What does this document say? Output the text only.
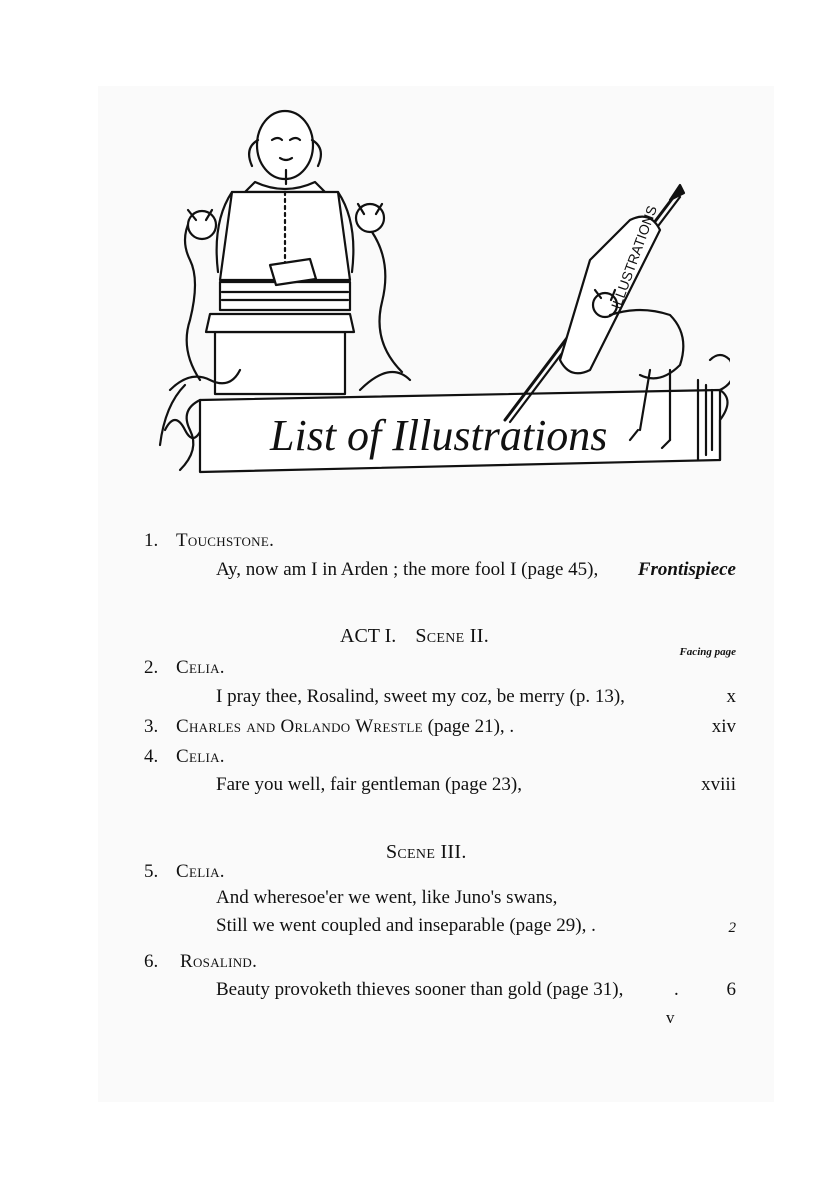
ILLUSTRATIONS
List of Illustrations
1. Touchstone.
Ay, now am I in Arden ; the more fool I (page 45), Frontispiece
ACT I. Scene II.
Facing page
2. Celia.
I pray thee, Rosalind, sweet my coz, be merry (p. 13),	x
3. Charles and Orlando Wrestle (page 21), .	xiv
4. Celia.
Fare you well, fair gentleman (page 23),	xviii
Scene III.
5. Celia.
And wheresoe'er we went, like Juno's swans,
Still we went coupled and inseparable (page 29), .	2
6. Rosalind.
Beauty provoketh thieves sooner than gold (page 31),	.	6
v
